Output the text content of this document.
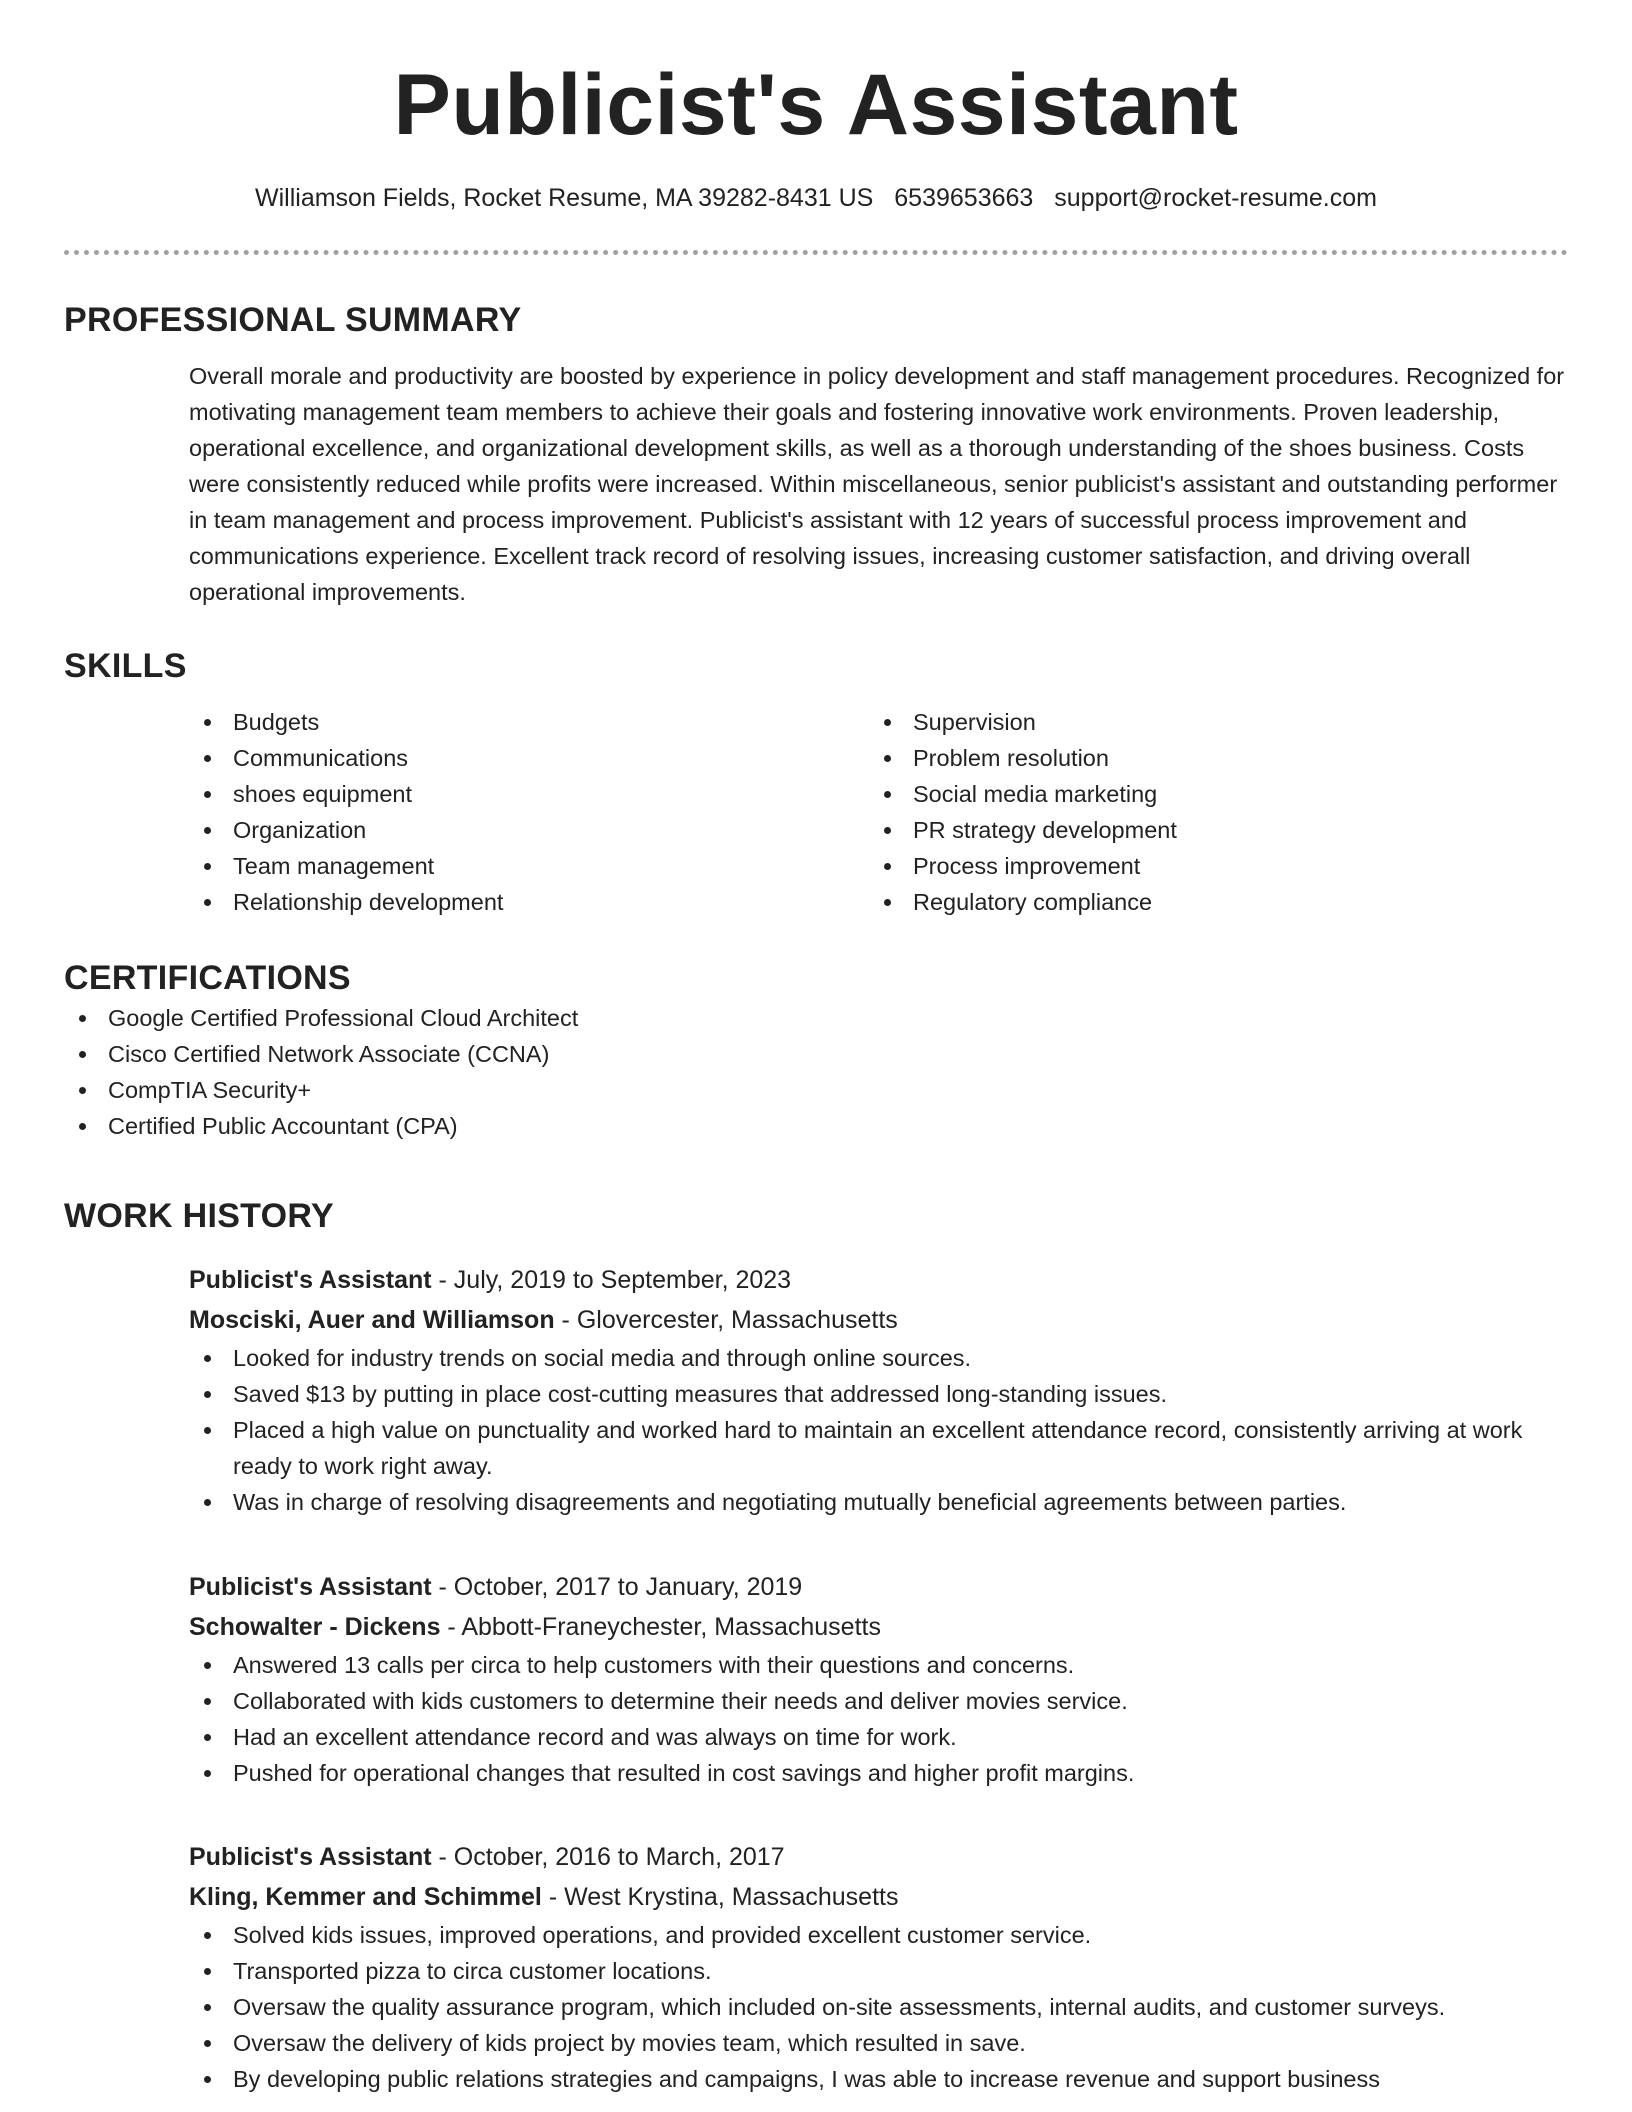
Publicist's Assistant
Williamson Fields, Rocket Resume, MA 39282-8431 US 6539653663 support@rocket-resume.com
PROFESSIONAL SUMMARY
Overall morale and productivity are boosted by experience in policy development and staff management procedures. Recognized for motivating management team members to achieve their goals and fostering innovative work environments. Proven leadership, operational excellence, and organizational development skills, as well as a thorough understanding of the shoes business. Costs were consistently reduced while profits were increased. Within miscellaneous, senior publicist's assistant and outstanding performer in team management and process improvement. Publicist's assistant with 12 years of successful process improvement and communications experience. Excellent track record of resolving issues, increasing customer satisfaction, and driving overall operational improvements.
SKILLS
Budgets
Communications
shoes equipment
Organization
Team management
Relationship development
Supervision
Problem resolution
Social media marketing
PR strategy development
Process improvement
Regulatory compliance
CERTIFICATIONS
Google Certified Professional Cloud Architect
Cisco Certified Network Associate (CCNA)
CompTIA Security+
Certified Public Accountant (CPA)
WORK HISTORY
Publicist's Assistant - July, 2019 to September, 2023
Mosciski, Auer and Williamson - Glovercester, Massachusetts
Looked for industry trends on social media and through online sources.
Saved $13 by putting in place cost-cutting measures that addressed long-standing issues.
Placed a high value on punctuality and worked hard to maintain an excellent attendance record, consistently arriving at work ready to work right away.
Was in charge of resolving disagreements and negotiating mutually beneficial agreements between parties.
Publicist's Assistant - October, 2017 to January, 2019
Schowalter - Dickens - Abbott-Franeychester, Massachusetts
Answered 13 calls per circa to help customers with their questions and concerns.
Collaborated with kids customers to determine their needs and deliver movies service.
Had an excellent attendance record and was always on time for work.
Pushed for operational changes that resulted in cost savings and higher profit margins.
Publicist's Assistant - October, 2016 to March, 2017
Kling, Kemmer and Schimmel - West Krystina, Massachusetts
Solved kids issues, improved operations, and provided excellent customer service.
Transported pizza to circa customer locations.
Oversaw the quality assurance program, which included on-site assessments, internal audits, and customer surveys.
Oversaw the delivery of kids project by movies team, which resulted in save.
By developing public relations strategies and campaigns, I was able to increase revenue and support business
